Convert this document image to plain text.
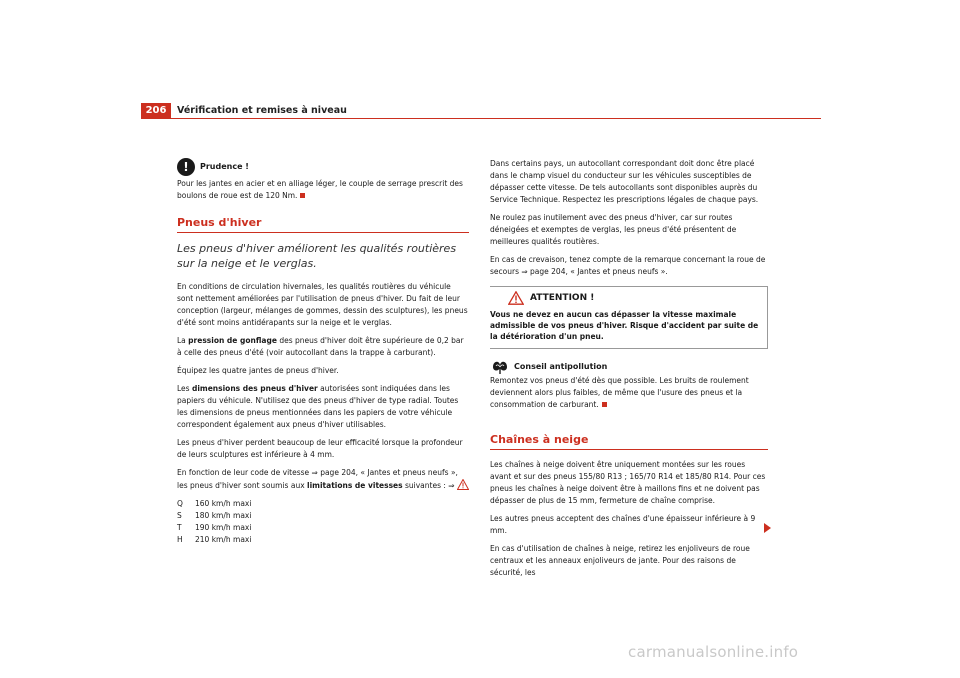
206	Vérification et remises à niveau
!	Prudence !

Pour les jantes en acier et en alliage léger, le couple de serrage prescrit des boulons de roue est de 120 Nm.

Pneus d'hiver
Les pneus d'hiver améliorent les qualités routières sur la neige et le verglas.

En conditions de circulation hivernales, les qualités routières du véhicule sont nettement améliorées par l'utilisation de pneus d'hiver. Du fait de leur conception (largeur, mélanges de gommes, dessin des sculptures), les pneus d'été sont moins antidérapants sur la neige et le verglas.

La pression de gonflage des pneus d'hiver doit être supérieure de 0,2 bar à celle des pneus d'été (voir autocollant dans la trappe à carburant).

Équipez les quatre jantes de pneus d'hiver.

Les dimensions des pneus d'hiver autorisées sont indiquées dans les papiers du véhicule. N'utilisez que des pneus d'hiver de type radial. Toutes les dimensions de pneus mentionnées dans les papiers de votre véhicule correspondent également aux pneus d'hiver utilisables.

Les pneus d'hiver perdent beaucoup de leur efficacité lorsque la profondeur de leurs sculptures est inférieure à 4 mm.

En fonction de leur code de vitesse ⇒ page 204, « Jantes et pneus neufs », les pneus d'hiver sont soumis aux limitations de vitesses suivantes : ⇒

Q	160 km/h maxi
S	180 km/h maxi
T	190 km/h maxi
H	210 km/h maxi

Dans certains pays, un autocollant correspondant doit donc être placé dans le champ visuel du conducteur sur les véhicules susceptibles de dépasser cette vitesse. De tels autocollants sont disponibles auprès du Service Technique. Respectez les prescriptions légales de chaque pays.

Ne roulez pas inutilement avec des pneus d'hiver, car sur routes déneigées et exemptes de verglas, les pneus d'été présentent de meilleures qualités routières.

En cas de crevaison, tenez compte de la remarque concernant la roue de secours ⇒ page 204, « Jantes et pneus neufs ».

ATTENTION !
Vous ne devez en aucun cas dépasser la vitesse maximale admissible de vos pneus d'hiver. Risque d'accident par suite de la détérioration d'un pneu.
Conseil antipollution

Remontez vos pneus d'été dès que possible. Les bruits de roulement deviennent alors plus faibles, de même que l'usure des pneus et la consommation de carburant.

Chaînes à neige

Les chaînes à neige doivent être uniquement montées sur les roues avant et sur des pneus 155/80 R13 ; 165/70 R14 et 185/80 R14. Pour ces pneus les chaînes à neige doivent être à maillons fins et ne doivent pas dépasser de plus de 15 mm, fermeture de chaîne comprise.

Les autres pneus acceptent des chaînes d'une épaisseur inférieure à 9 mm.

En cas d'utilisation de chaînes à neige, retirez les enjoliveurs de roue centraux et les anneaux enjoliveurs de jante. Pour des raisons de sécurité, les

carmanualsonline.info
